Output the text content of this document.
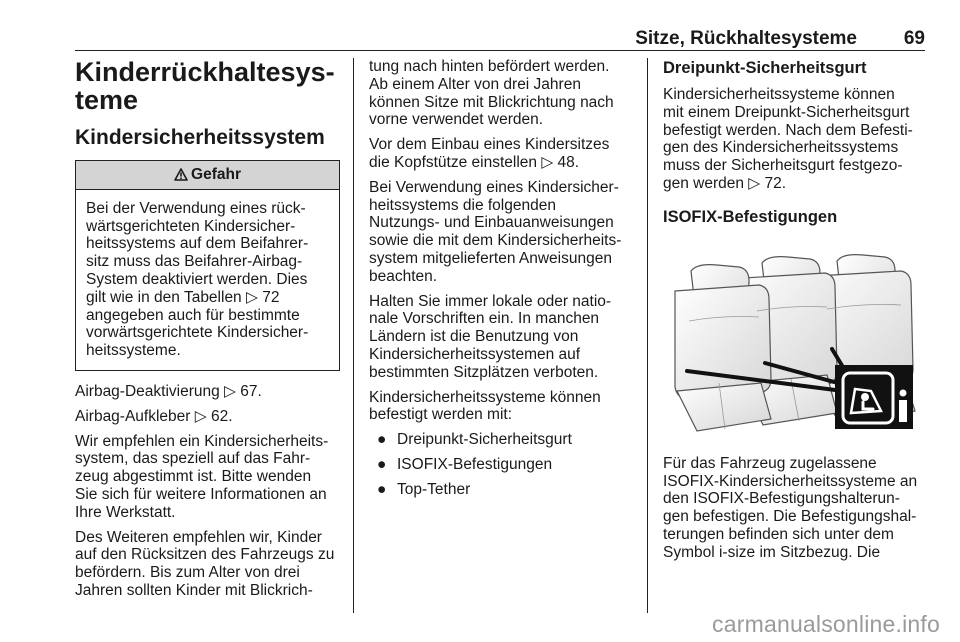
Sitze, Rückhaltesysteme 69
Kinderrückhaltesys-
teme
Kindersicherheitssystem
Gefahr
Bei der Verwendung eines rück-
wärtsgerichteten Kindersicher-
heitssystems auf dem Beifahrer-
sitz muss das Beifahrer-Airbag-
System deaktiviert werden. Dies
gilt wie in den Tabellen ▷ 72
angegeben auch für bestimmte
vorwärtsgerichtete Kindersicher-
heitssysteme.

Airbag-Deaktivierung ▷ 67.

Airbag-Aufkleber ▷ 62.

Wir empfehlen ein Kindersicherheits-
system, das speziell auf das Fahr-
zeug abgestimmt ist. Bitte wenden
Sie sich für weitere Informationen an
Ihre Werkstatt.

Des Weiteren empfehlen wir, Kinder
auf den Rücksitzen des Fahrzeugs zu
befördern. Bis zum Alter von drei
Jahren sollten Kinder mit Blickrich-

tung nach hinten befördert werden.
Ab einem Alter von drei Jahren
können Sitze mit Blickrichtung nach
vorne verwendet werden.

Vor dem Einbau eines Kindersitzes
die Kopfstütze einstellen ▷ 48.

Bei Verwendung eines Kindersicher-
heitssystems die folgenden
Nutzungs- und Einbauanweisungen
sowie die mit dem Kindersicherheits-
system mitgelieferten Anweisungen
beachten.

Halten Sie immer lokale oder natio-
nale Vorschriften ein. In manchen
Ländern ist die Benutzung von
Kindersicherheitssystemen auf
bestimmten Sitzplätzen verboten.

Kindersicherheitssysteme können
befestigt werden mit:

● Dreipunkt-Sicherheitsgurt
● ISOFIX-Befestigungen
● Top-Tether
Dreipunkt-Sicherheitsgurt

Kindersicherheitssysteme können
mit einem Dreipunkt-Sicherheitsgurt
befestigt werden. Nach dem Befesti-
gen des Kindersicherheitssystems
muss der Sicherheitsgurt festgezo-
gen werden ▷ 72.

ISOFIX-Befestigungen

Für das Fahrzeug zugelassene
ISOFIX-Kindersicherheitssysteme an
den ISOFIX-Befestigungshalterun-
gen befestigen. Die Befestigungshal-
terungen befinden sich unter dem
Symbol i-size im Sitzbezug. Die

carmanualsonline.info
